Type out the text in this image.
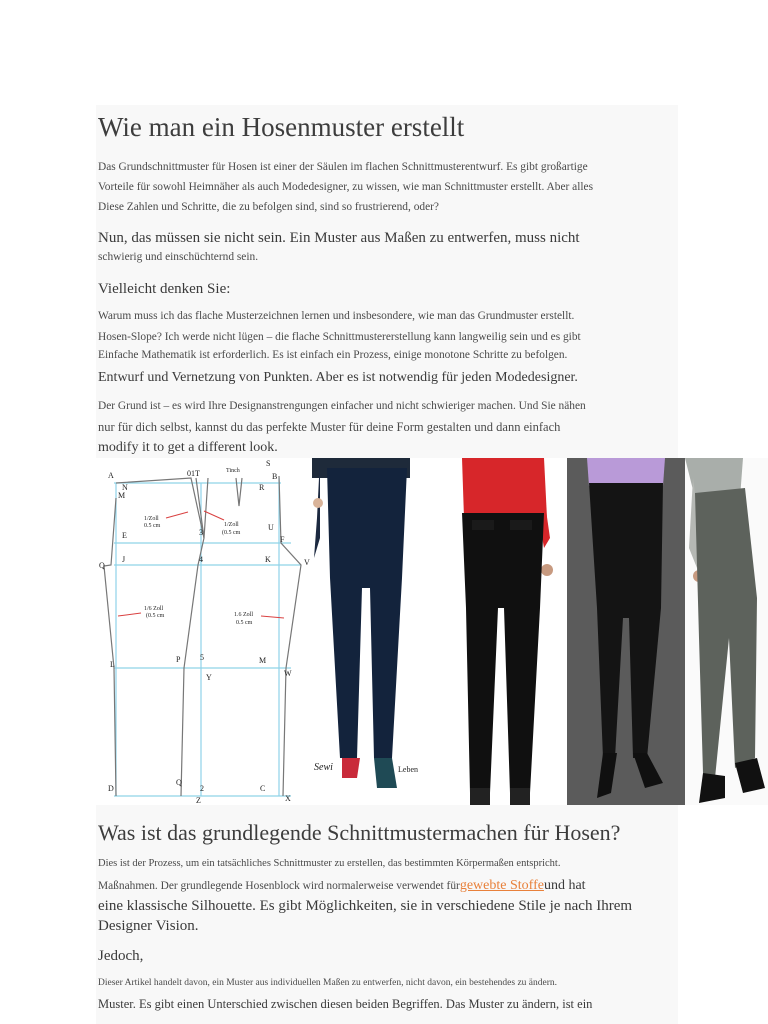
Wie man ein Hosenmuster erstellt

Das Grundschnittmuster für Hosen ist einer der Säulen im flachen Schnittmusterentwurf. Es gibt großartige

Vorteile für sowohl Heimnäher als auch Modedesigner, zu wissen, wie man Schnittmuster erstellt. Aber alles

Diese Zahlen und Schritte, die zu befolgen sind, sind so frustrierend, oder?

Nun, das müssen sie nicht sein. Ein Muster aus Maßen zu entwerfen, muss nicht

schwierig und einschüchternd sein.

Vielleicht denken Sie:

Warum muss ich das flache Musterzeichnen lernen und insbesondere, wie man das Grundmuster erstellt.

Hosen-Slope? Ich werde nicht lügen – die flache Schnittmustererstellung kann langweilig sein und es gibt

Einfache Mathematik ist erforderlich. Es ist einfach ein Prozess, einige monotone Schritte zu befolgen.

Entwurf und Vernetzung von Punkten. Aber es ist notwendig für jeden Modedesigner.

Der Grund ist – es wird Ihre Designanstrengungen einfacher und nicht schwieriger machen. Und Sie nähen

nur für dich selbst, kannst du das perfekte Muster für deine Form gestalten und dann einfach

modify it to get a different look.

A	B
S
01T	Tinch
N
M
R
E	3
U
F
Q
J	4	K	V
L
P 5	M
W
Y
D
Q
2	C
Z	X
1/Zoll
0.5 cm	1/Zoll
(0.5 cm
1/6 Zoll
(0.5 cm	1.6 Zoll
0.5 cm
Sewi	Leben
Was ist das grundlegende Schnittmustermachen für Hosen?

Dies ist der Prozess, um ein tatsächliches Schnittmuster zu erstellen, das bestimmten Körpermaßen entspricht.

Maßnahmen. Der grundlegende Hosenblock wird normalerweise verwendet fürgewebte Stoffeund hat

eine klassische Silhouette. Es gibt Möglichkeiten, sie in verschiedene Stile je nach Ihrem

Designer Vision.

Jedoch,

Dieser Artikel handelt davon, ein Muster aus individuellen Maßen zu entwerfen, nicht davon, ein bestehendes zu ändern.

Muster. Es gibt einen Unterschied zwischen diesen beiden Begriffen. Das Muster zu ändern, ist ein
